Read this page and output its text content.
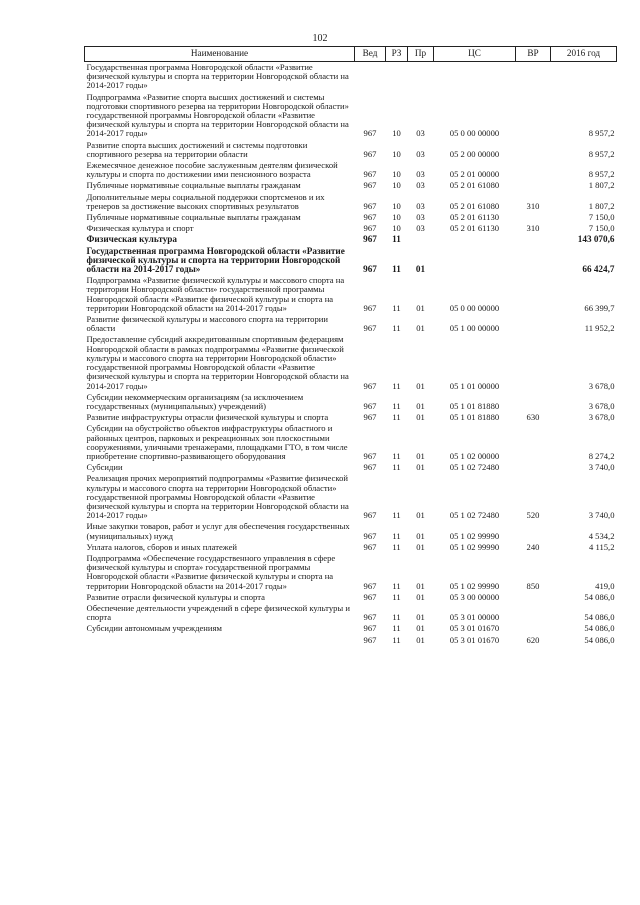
102
Наименование	Вед	РЗ	Пр	ЦС	ВР	2016 год
Государственная программа Новгородской области «Развитие физической культуры и спорта на территории Новгородской области на 2014-2017 годы»						
Подпрограмма «Развитие спорта высших достижений и системы подготовки спортивного резерва на территории Новгородской области» государственной программы Новгородской области «Развитие физической культуры и спорта на территории Новгородской области на 2014-2017 годы»	967	10	03	05 0 00 00000		8 957,2
Развитие спорта высших достижений и системы подготовки спортивного резерва на территории области	967	10	03	05 2 00 00000		8 957,2
Ежемесячное денежное пособие заслуженным деятелям физической культуры и спорта по достижении ими пенсионного возраста	967	10	03	05 2 01 00000		8 957,2
Публичные нормативные социальные выплаты гражданам	967	10	03	05 2 01 61080		1 807,2
Дополнительные меры социальной поддержки спортсменов и их тренеров за достижение высоких спортивных результатов	967	10	03	05 2 01 61080	310	1 807,2
Публичные нормативные социальные выплаты гражданам	967	10	03	05 2 01 61130		7 150,0
Физическая культура и спорт	967	10	03	05 2 01 61130	310	7 150,0
Физическая культура	967	11				143 070,6
Государственная программа Новгородской области «Развитие физической культуры и спорта на территории Новгородской области на 2014-2017 годы»	967	11	01			66 424,7
Подпрограмма «Развитие физической культуры и массового спорта на территории Новгородской области» государственной программы Новгородской области «Развитие физической культуры и спорта на территории Новгородской области на 2014-2017 годы»	967	11	01	05 0 00 00000		66 399,7
Развитие физической культуры и массового спорта на территории области	967	11	01	05 1 00 00000		11 952,2
Предоставление субсидий аккредитованным спортивным федерациям Новгородской области в рамках подпрограммы «Развитие физической культуры и массового спорта на территории Новгородской области» государственной программы Новгородской области «Развитие физической культуры и спорта на территории Новгородской области на 2014-2017 годы»	967	11	01	05 1 01 00000		3 678,0
Субсидии некоммерческим организациям (за исключением государственных (муниципальных) учреждений)	967	11	01	05 1 01 81880		3 678,0
Развитие инфраструктуры отрасли физической культуры и спорта	967	11	01	05 1 01 81880	630	3 678,0
Субсидии на обустройство объектов инфраструктуры областного и районных центров, парковых и рекреационных зон плоскостными сооружениями, уличными тренажерами, площадками ГТО, в том числе приобретение спортивно-развивающего оборудования	967	11	01	05 1 02 00000		8 274,2
Субсидии	967	11	01	05 1 02 72480		3 740,0
Реализация прочих мероприятий подпрограммы «Развитие физической культуры и массового спорта на территории Новгородской области» государственной программы Новгородской области «Развитие физической культуры и спорта на территории Новгородской области на 2014-2017 годы»	967	11	01	05 1 02 72480	520	3 740,0
Иные закупки товаров, работ и услуг для обеспечения государственных (муниципальных) нужд	967	11	01	05 1 02 99990		4 534,2
Уплата налогов, сборов и иных платежей	967	11	01	05 1 02 99990	240	4 115,2
Подпрограмма «Обеспечение государственного управления в сфере физической культуры и спорта» государственной программы Новгородской области «Развитие физической культуры и спорта на территории Новгородской области на 2014-2017 годы»	967	11	01	05 1 02 99990	850	419,0
Развитие отрасли физической культуры и спорта	967	11	01	05 3 00 00000		54 086,0
Обеспечение деятельности учреждений в сфере физической культуры и спорта	967	11	01	05 3 01 00000		54 086,0
Субсидии автономным учреждениям	967	11	01	05 3 01 01670		54 086,0
	967	11	01	05 3 01 01670	620	54 086,0
